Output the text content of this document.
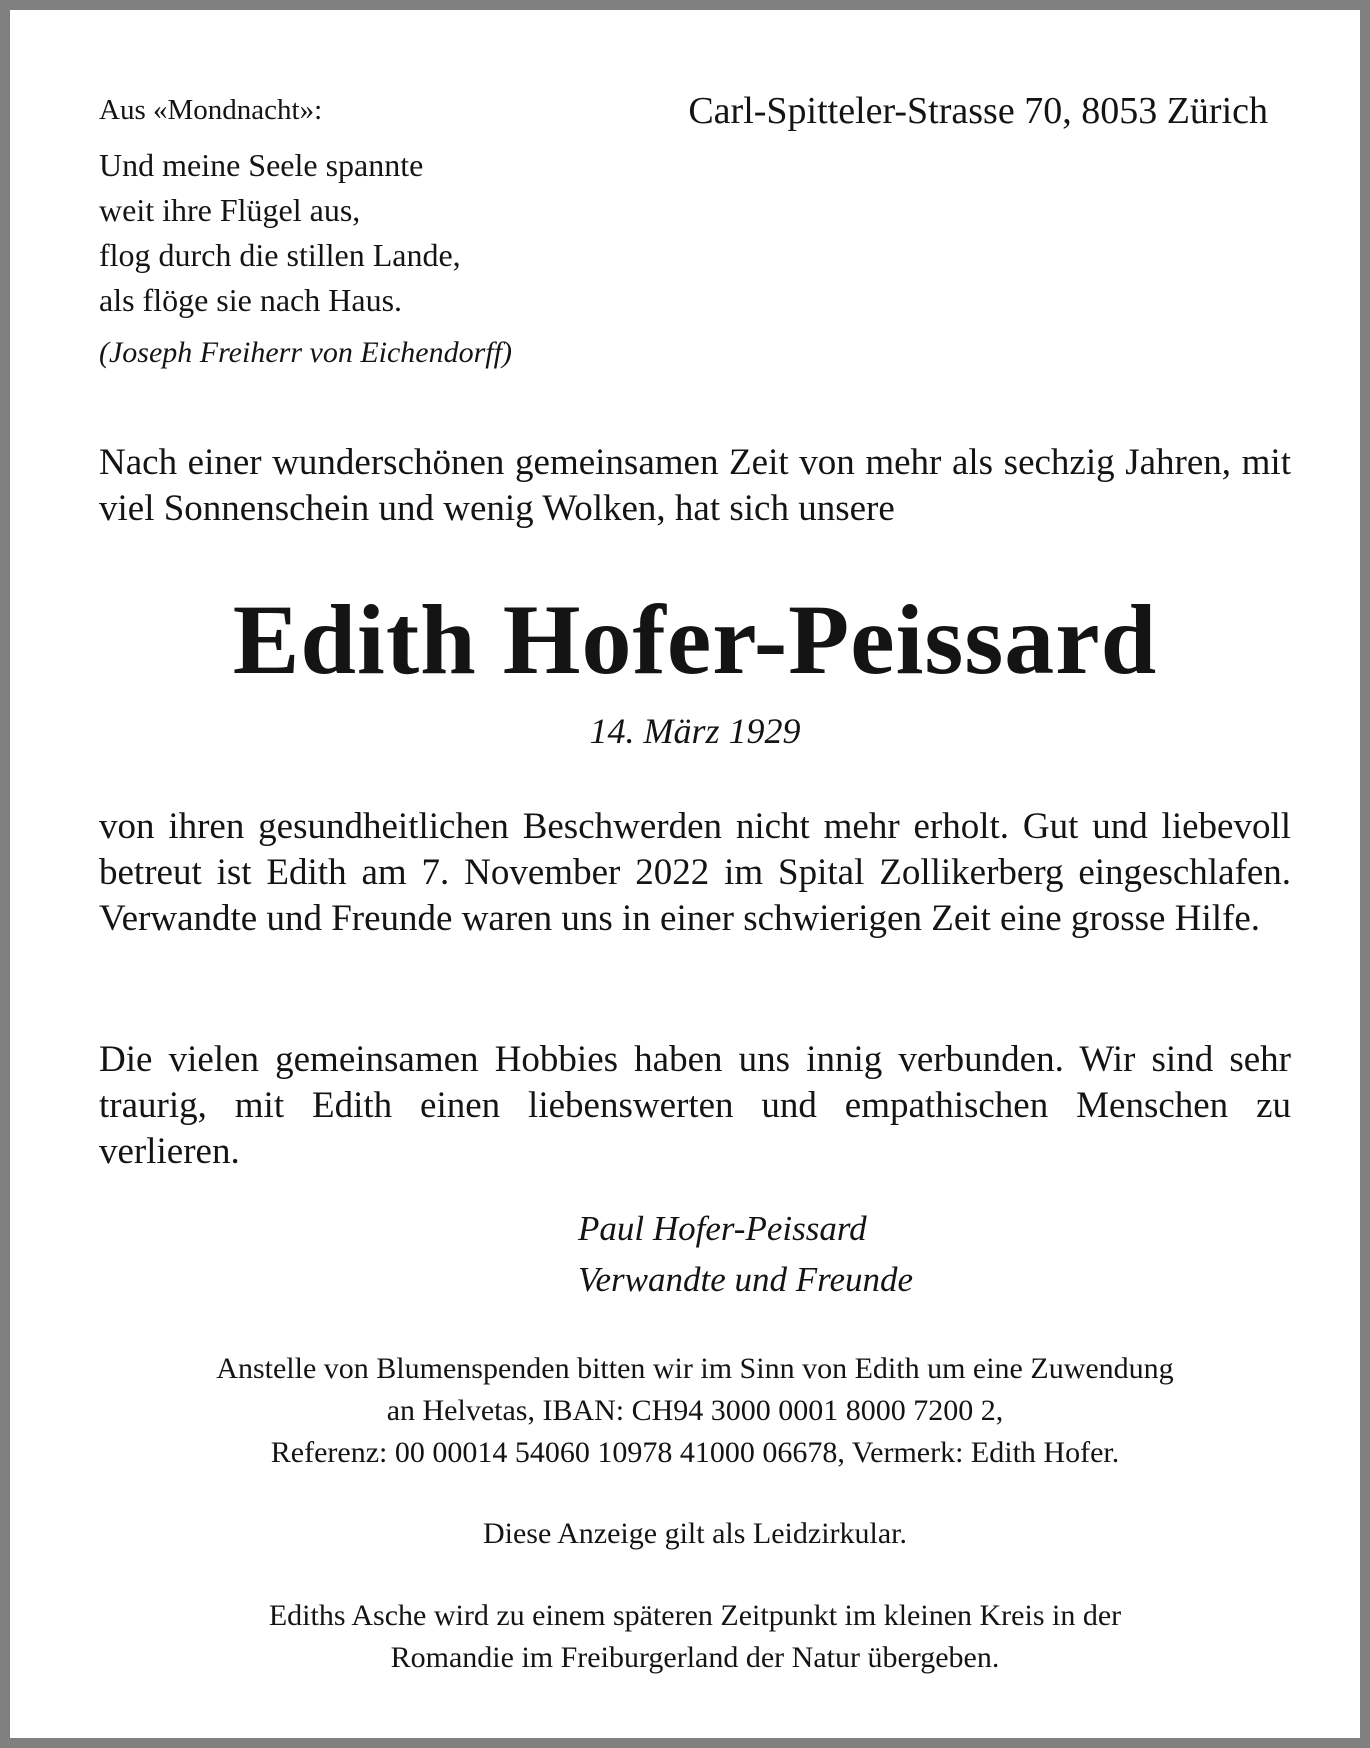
Aus «Mondnacht»:	Carl-Spitteler-Strasse 70, 8053 Zürich
Und meine Seele spannte
weit ihre Flügel aus,
flog durch die stillen Lande,
als flöge sie nach Haus.
(Joseph Freiherr von Eichendorff)

Nach einer wunderschönen gemeinsamen Zeit von mehr als sechzig Jahren, mit viel Sonnenschein und wenig Wolken, hat sich unsere

Edith Hofer-Peissard
14. März 1929

von ihren gesundheitlichen Beschwerden nicht mehr erholt. Gut und liebevoll betreut ist Edith am 7. November 2022 im Spital Zollikerberg eingeschlafen. Verwandte und Freunde waren uns in einer schwierigen Zeit eine grosse Hilfe.

Die vielen gemeinsamen Hobbies haben uns innig verbunden. Wir sind sehr traurig, mit Edith einen liebenswerten und empathischen Menschen zu verlieren.

Paul Hofer-Peissard
Verwandte und Freunde
Anstelle von Blumenspenden bitten wir im Sinn von Edith um eine Zuwendung
an Helvetas, IBAN: CH94 3000 0001 8000 7200 2,
Referenz: 00 00014 54060 10978 41000 06678, Vermerk: Edith Hofer.
Diese Anzeige gilt als Leidzirkular.
Ediths Asche wird zu einem späteren Zeitpunkt im kleinen Kreis in der
Romandie im Freiburgerland der Natur übergeben.
